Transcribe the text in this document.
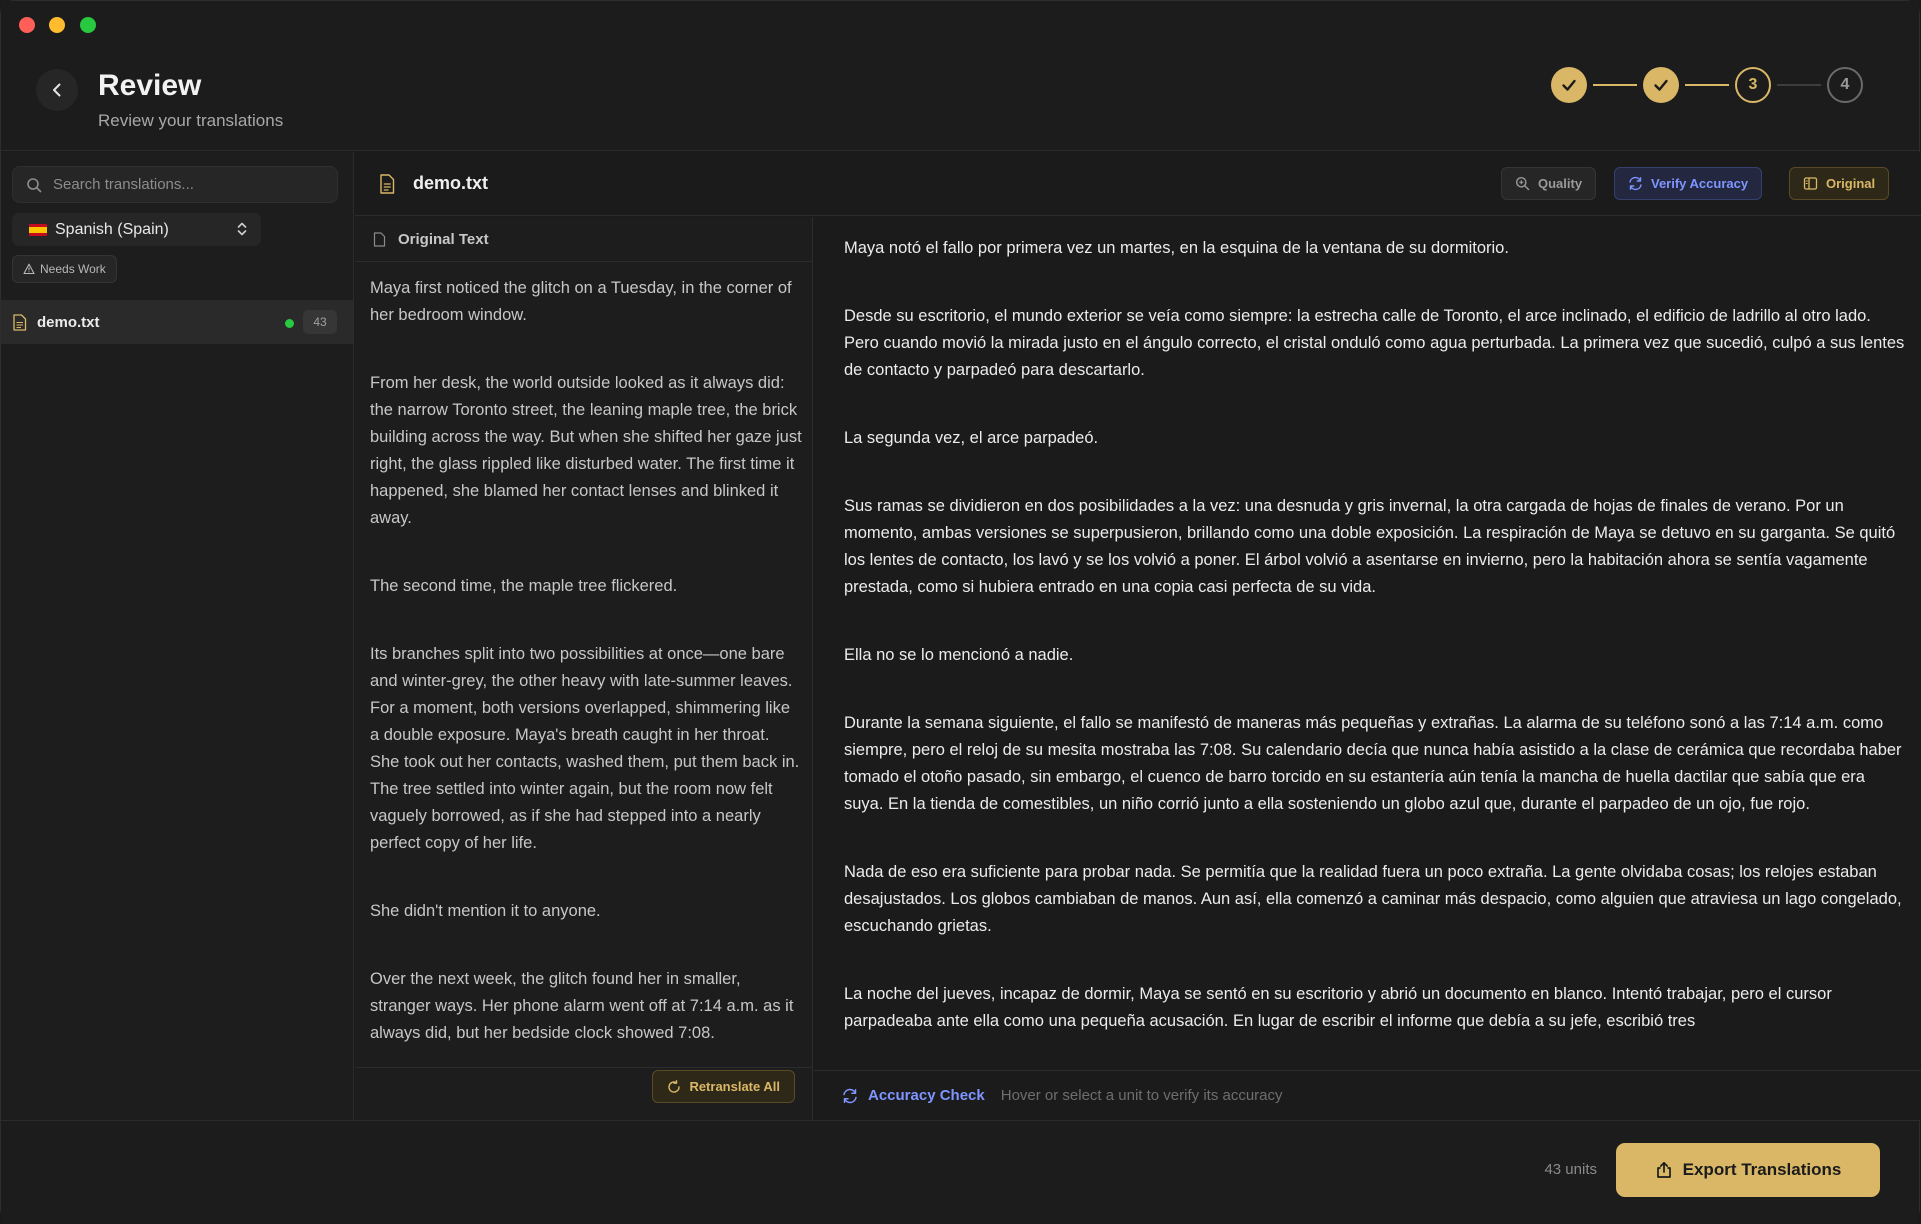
Review
Review your translations
3	4
Search translations...
Spanish (Spain)
Needs Work
demo.txt	43
demo.txt	Quality	Verify Accuracy	Original
Original Text

Maya first noticed the glitch on a Tuesday, in the corner of her bedroom window.

From her desk, the world outside looked as it always did: the narrow Toronto street, the leaning maple tree, the brick building across the way. But when she shifted her gaze just right, the glass rippled like disturbed water. The first time it happened, she blamed her contact lenses and blinked it away.

The second time, the maple tree flickered.

Its branches split into two possibilities at once—one bare and winter-grey, the other heavy with late-summer leaves. For a moment, both versions overlapped, shimmering like a double exposure. Maya's breath caught in her throat. She took out her contacts, washed them, put them back in. The tree settled into winter again, but the room now felt vaguely borrowed, as if she had stepped into a nearly perfect copy of her life.

She didn't mention it to anyone.

Over the next week, the glitch found her in smaller, stranger ways. Her phone alarm went off at 7:14 a.m. as it always did, but her bedside clock showed 7:08.

Retranslate All

Maya notó el fallo por primera vez un martes, en la esquina de la ventana de su dormitorio.

Desde su escritorio, el mundo exterior se veía como siempre: la estrecha calle de Toronto, el arce inclinado, el edificio de ladrillo al otro lado. Pero cuando movió la mirada justo en el ángulo correcto, el cristal onduló como agua perturbada. La primera vez que sucedió, culpó a sus lentes de contacto y parpadeó para descartarlo.

La segunda vez, el arce parpadeó.

Sus ramas se dividieron en dos posibilidades a la vez: una desnuda y gris invernal, la otra cargada de hojas de finales de verano. Por un momento, ambas versiones se superpusieron, brillando como una doble exposición. La respiración de Maya se detuvo en su garganta. Se quitó los lentes de contacto, los lavó y se los volvió a poner. El árbol volvió a asentarse en invierno, pero la habitación ahora se sentía vagamente prestada, como si hubiera entrado en una copia casi perfecta de su vida.

Ella no se lo mencionó a nadie.

Durante la semana siguiente, el fallo se manifestó de maneras más pequeñas y extrañas. La alarma de su teléfono sonó a las 7:14 a.m. como siempre, pero el reloj de su mesita mostraba las 7:08. Su calendario decía que nunca había asistido a la clase de cerámica que recordaba haber tomado el otoño pasado, sin embargo, el cuenco de barro torcido en su estantería aún tenía la mancha de huella dactilar que sabía que era suya. En la tienda de comestibles, un niño corrió junto a ella sosteniendo un globo azul que, durante el parpadeo de un ojo, fue rojo.

Nada de eso era suficiente para probar nada. Se permitía que la realidad fuera un poco extraña. La gente olvidaba cosas; los relojes estaban desajustados. Los globos cambiaban de manos. Aun así, ella comenzó a caminar más despacio, como alguien que atraviesa un lago congelado, escuchando grietas.

La noche del jueves, incapaz de dormir, Maya se sentó en su escritorio y abrió un documento en blanco. Intentó trabajar, pero el cursor parpadeaba ante ella como una pequeña acusación. En lugar de escribir el informe que debía a su jefe, escribió tres

Accuracy Check Hover or select a unit to verify its accuracy
43 units	Export Translations
